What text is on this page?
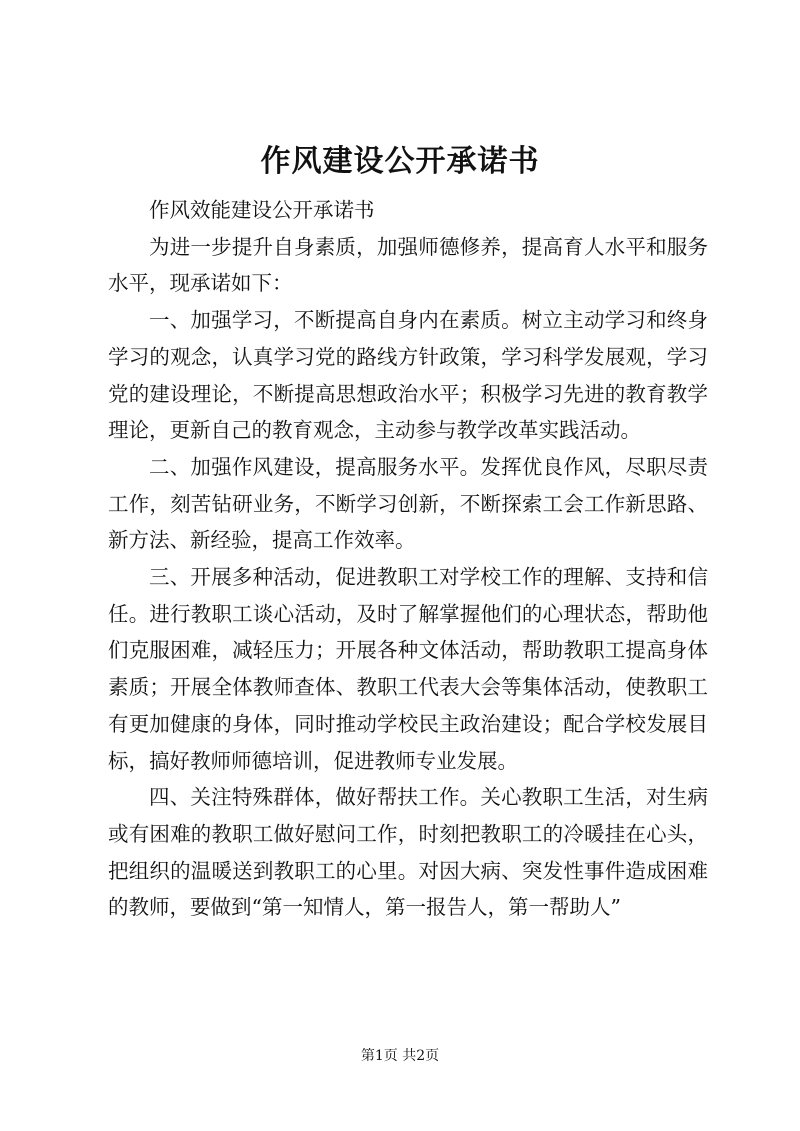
作风建设公开承诺书

作风效能建设公开承诺书

为进一步提升自身素质，加强师德修养，提高育人水平和服务水平，现承诺如下：

一、加强学习，不断提高自身内在素质。树立主动学习和终身学习的观念，认真学习党的路线方针政策，学习科学发展观，学习党的建设理论，不断提高思想政治水平；积极学习先进的教育教学理论，更新自己的教育观念，主动参与教学改革实践活动。

二、加强作风建设，提高服务水平。发挥优良作风，尽职尽责工作，刻苦钻研业务，不断学习创新，不断探索工会工作新思路、新方法、新经验，提高工作效率。

三、开展多种活动，促进教职工对学校工作的理解、支持和信任。进行教职工谈心活动，及时了解掌握他们的心理状态，帮助他们克服困难，减轻压力；开展各种文体活动，帮助教职工提高身体素质；开展全体教师查体、教职工代表大会等集体活动，使教职工有更加健康的身体，同时推动学校民主政治建设；配合学校发展目标，搞好教师师德培训，促进教师专业发展。

四、关注特殊群体，做好帮扶工作。关心教职工生活，对生病或有困难的教职工做好慰问工作，时刻把教职工的冷暖挂在心头，把组织的温暖送到教职工的心里。对因大病、突发性事件造成困难的教师，要做到“第一知情人，第一报告人，第一帮助人”

第1页 共2页
